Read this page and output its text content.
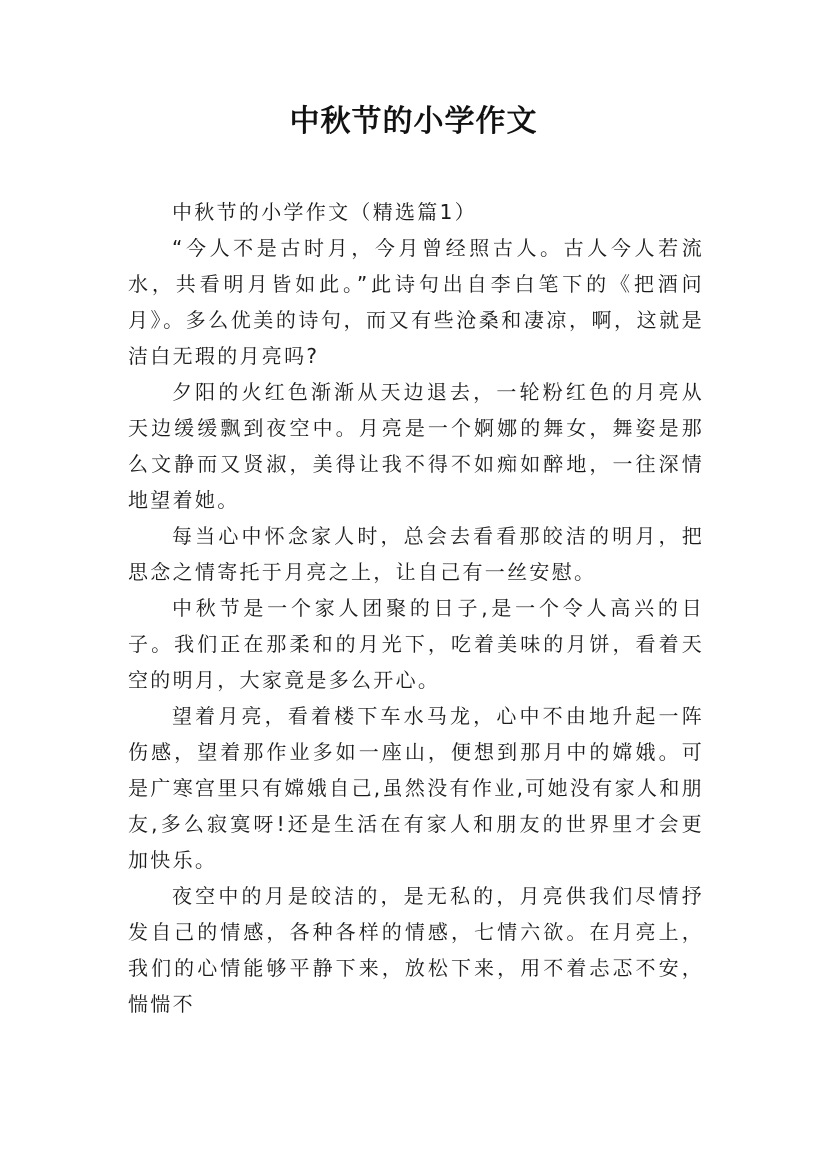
中秋节的小学作文

中秋节的小学作文（精选篇1）

“今人不是古时月，今月曾经照古人。古人今人若流水，共看明月皆如此。”此诗句出自李白笔下的《把酒问月》。多么优美的诗句，而又有些沧桑和凄凉，啊，这就是洁白无瑕的月亮吗?

夕阳的火红色渐渐从天边退去，一轮粉红色的月亮从天边缓缓飘到夜空中。月亮是一个婀娜的舞女，舞姿是那么文静而又贤淑，美得让我不得不如痴如醉地，一往深情地望着她。

每当心中怀念家人时，总会去看看那皎洁的明月，把思念之情寄托于月亮之上，让自己有一丝安慰。

中秋节是一个家人团聚的日子,是一个令人高兴的日子。我们正在那柔和的月光下，吃着美味的月饼，看着天空的明月，大家竟是多么开心。

望着月亮，看着楼下车水马龙，心中不由地升起一阵伤感，望着那作业多如一座山，便想到那月中的嫦娥。可是广寒宫里只有嫦娥自己,虽然没有作业,可她没有家人和朋友,多么寂寞呀!还是生活在有家人和朋友的世界里才会更加快乐。

夜空中的月是皎洁的，是无私的，月亮供我们尽情抒发自己的情感，各种各样的情感，七情六欲。在月亮上，我们的心情能够平静下来，放松下来，用不着忐忑不安，惴惴不
